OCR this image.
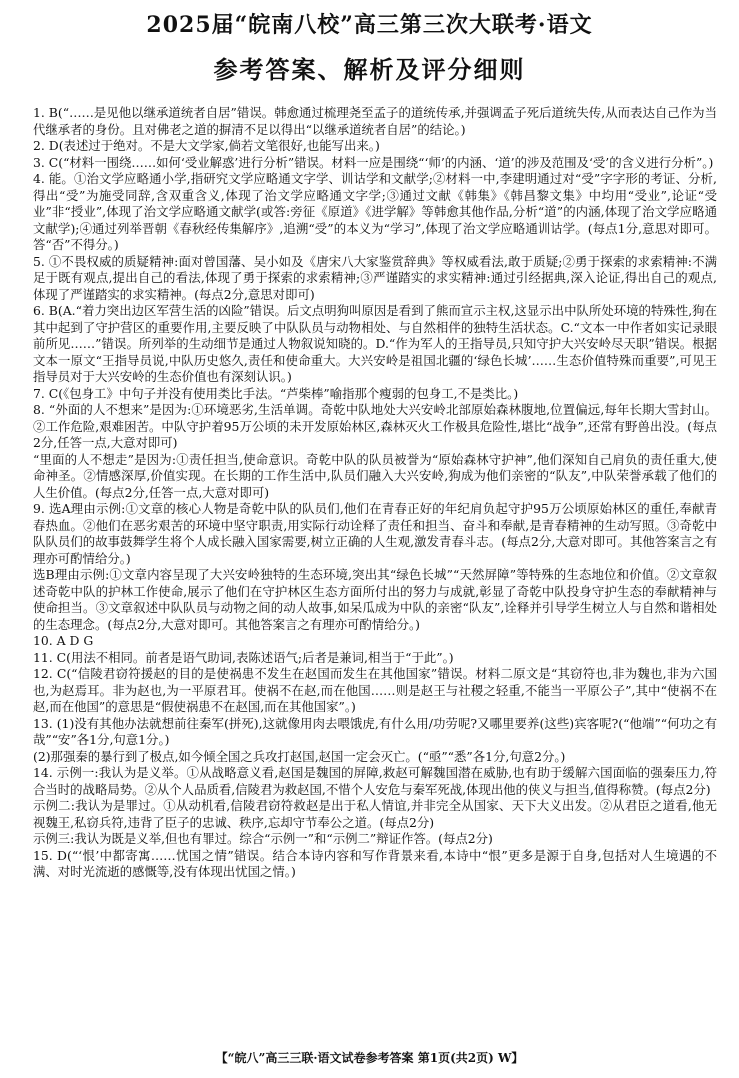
2025届“皖南八校”高三第三次大联考·语文
参考答案、解析及评分细则

1. B(“……是见他以继承道统者自居”错误。韩愈通过梳理尧至孟子的道统传承,并强调孟子死后道统失传,从而表达自己作为当代继承者的身份。且对佛老之道的摒清不足以得出“以继承道统者自居”的结论。)

2. D(表述过于绝对。不是大文学家,倘若文笔很好,也能写出来。)

3. C(“材料一围绕……如何‘受业解惑’进行分析”错误。材料一应是围绕“‘师’的内涵、‘道’的涉及范围及‘受’的含义进行分析”。)

4. 能。①治文学应略通小学,指研究文学应略通文字学、训诂学和文献学;②材料一中,李建明通过对“受”字字形的考证、分析,得出“受”为施受同辞,含双重含义,体现了治文学应略通文字学;③通过文献《韩集》《韩昌黎文集》中均用“受业”,论证“受业”非“授业”,体现了治文学应略通文献学(或答:旁征《原道》《进学解》等韩愈其他作品,分析“道”的内涵,体现了治文学应略通文献学);④通过列举晋朝《春秋经传集解序》,追溯“受”的本义为“学习”,体现了治文学应略通训诂学。(每点1分,意思对即可。答“否”不得分。)

5. ①不畏权威的质疑精神:面对曾国藩、吴小如及《唐宋八大家鉴赏辞典》等权威看法,敢于质疑;②勇于探索的求索精神:不满足于既有观点,提出自己的看法,体现了勇于探索的求索精神;③严谨踏实的求实精神:通过引经据典,深入论证,得出自己的观点,体现了严谨踏实的求实精神。(每点2分,意思对即可)

6. B(A.“着力突出边区军营生活的凶险”错误。后文点明狗叫原因是看到了熊而宣示主权,这显示出中队所处环境的特殊性,狗在其中起到了守护营区的重要作用,主要反映了中队队员与动物相处、与自然相伴的独特生活状态。C.“文本一中作者如实记录眼前所见……”错误。所列举的生动细节是通过人物叙说知晓的。D.“作为军人的王指导员,只知守护大兴安岭尽天职”错误。根据文本一原文“王指导员说,中队历史悠久,责任和使命重大。大兴安岭是祖国北疆的‘绿色长城’……生态价值特殊而重要”,可见王指导员对于大兴安岭的生态价值也有深刻认识。)

7. C(《包身工》中句子并没有使用类比手法。“芦柴棒”喻指那个瘦弱的包身工,不是类比。)

8. “外面的人不想来”是因为:①环境恶劣,生活单调。奇乾中队地处大兴安岭北部原始森林腹地,位置偏远,每年长期大雪封山。②工作危险,艰难困苦。中队守护着95万公顷的未开发原始林区,森林灭火工作极具危险性,堪比“战争”,还常有野兽出没。(每点2分,任答一点,大意对即可)

“里面的人不想走”是因为:①责任担当,使命意识。奇乾中队的队员被誉为“原始森林守护神”,他们深知自己肩负的责任重大,使命神圣。②情感深厚,价值实现。在长期的工作生活中,队员们融入大兴安岭,狗成为他们亲密的“队友”,中队荣誉承载了他们的人生价值。(每点2分,任答一点,大意对即可)

9. 选A理由示例:①文章的核心人物是奇乾中队的队员们,他们在青春正好的年纪肩负起守护95万公顷原始林区的重任,奉献青春热血。②他们在恶劣艰苦的环境中坚守职责,用实际行动诠释了责任和担当、奋斗和奉献,是青春精神的生动写照。③奇乾中队队员们的故事鼓舞学生将个人成长融入国家需要,树立正确的人生观,激发青春斗志。(每点2分,大意对即可。其他答案言之有理亦可酌情给分。)

选B理由示例:①文章内容呈现了大兴安岭独特的生态环境,突出其“绿色长城”“天然屏障”等特殊的生态地位和价值。②文章叙述奇乾中队的护林工作使命,展示了他们在守护林区生态方面所付出的努力与成就,彰显了奇乾中队投身守护生态的奉献精神与使命担当。③文章叙述中队队员与动物之间的动人故事,如呆瓜成为中队的亲密“队友”,诠释并引导学生树立人与自然和谐相处的生态理念。(每点2分,大意对即可。其他答案言之有理亦可酌情给分。)

10. A D G

11. C(用法不相同。前者是语气助词,表陈述语气;后者是兼词,相当于“于此”。)

12. C(“信陵君窃符援赵的目的是使祸患不发生在赵国而发生在其他国家”错误。材料二原文是“其窃符也,非为魏也,非为六国也,为赵焉耳。非为赵也,为一平原君耳。使祸不在赵,而在他国……则是赵王与社稷之轻重,不能当一平原公子”,其中“使祸不在赵,而在他国”的意思是“假使祸患不在赵国,而在其他国家”。)

13. (1)没有其他办法就想前往秦军(拼死),这就像用肉去喂饿虎,有什么用/功劳呢?又哪里要养(这些)宾客呢?(“他端”“何功之有哉”“安”各1分,句意1分。)

(2)那强秦的暴行到了极点,如今倾全国之兵攻打赵国,赵国一定会灭亡。(“亟”“悉”各1分,句意2分。)

14. 示例一:我认为是义举。①从战略意义看,赵国是魏国的屏障,救赵可解魏国潜在威胁,也有助于缓解六国面临的强秦压力,符合当时的战略局势。②从个人品质看,信陵君为救赵国,不惜个人安危与秦军死战,体现出他的侠义与担当,值得称赞。(每点2分)

示例二:我认为是罪过。①从动机看,信陵君窃符救赵是出于私人情谊,并非完全从国家、天下大义出发。②从君臣之道看,他无视魏王,私窃兵符,违背了臣子的忠诚、秩序,忘却守节奉公之道。(每点2分)

示例三:我认为既是义举,但也有罪过。综合“示例一”和“示例二”辩证作答。(每点2分)

15. D(“‘恨’中都寄寓……忧国之情”错误。结合本诗内容和写作背景来看,本诗中“恨”更多是源于自身,包括对人生境遇的不满、对时光流逝的感慨等,没有体现出忧国之情。)

【“皖八”高三三联·语文试卷参考答案 第1页(共2页) W】
